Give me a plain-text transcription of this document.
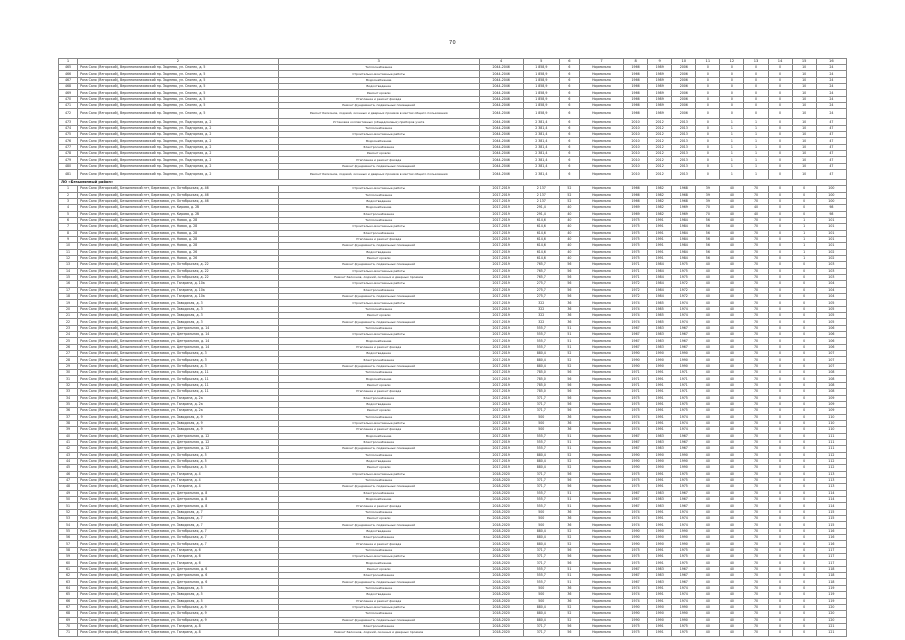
70
1	2	3	4	5	6	7	8	9	10	11	12	13	14	15	16
465	Роза Сало (Ялгорский), Верхнеопалиховский пр. Заднево, ул. Снопек, д. 5	Теплоснабжение	2044-2046	1 858,9	6	Нормально	1966	1989	2006	0	0	0	0	10	24
466	Роза Сало (Ялгорский), Верхнеопалиховский пр. Заднево, ул. Снопек, д. 5	Строительно-монтажные работы	2044-2046	1 858,9	6	Нормально	1966	1989	2006	0	0	0	0	10	24
467	Роза Сало (Ялгорский), Верхнеопалиховский пр. Заднево, ул. Снопек, д. 5	Водоснабжение	2044-2046	1 858,9	6	Нормально	1966	1989	2006	0	0	0	0	10	24
468	Роза Сало (Ялгорский), Верхнеопалиховский пр. Заднево, ул. Снопек, д. 5	Водоотведение	2044-2046	1 858,9	6	Нормально	1966	1989	2006	0	0	0	0	10	24
469	Роза Сало (Ялгорский), Верхнеопалиховский пр. Заднево, ул. Снопек, д. 5	Ремонт кровли	2044-2046	1 858,9	6	Нормально	1966	1989	2006	0	0	0	0	10	24
470	Роза Сало (Ялгорский), Верхнеопалиховский пр. Заднево, ул. Снопек, д. 5	Утепление и ремонт фасада	2044-2046	1 858,9	6	Нормально	1966	1989	2006	0	0	0	0	10	24
471	Роза Сало (Ялгорский), Верхнеопалиховский пр. Заднево, ул. Снопек, д. 5	Ремонт фундамента, подвальных помещений	2044-2046	1 858,9	6	Нормально	1966	1989	2006	0	0	0	0	10	24
472	Роза Сало (Ялгорский), Верхнеопалиховский пр. Заднево, ул. Снопек, д. 5	Ремонт балконов, лоджий, оконных и дверных проемов в местах общего пользования	2044-2046	1 858,9	6	Нормально	1966	1989	2006	0	0	0	0	10	24
473	Роза Сало (Ялгорский), Верхнеопалиховский пр. Заднево, ул. Подгорная, д. 2	Установка коллективных (общедомовых) приборов учета	2044-2046	2 381,4	6	Нормально	2010	2012	2013	0	1	1	0	10	47
474	Роза Сало (Ялгорский), Верхнеопалиховский пр. Заднево, ул. Подгорная, д. 2	Теплоснабжение	2044-2046	2 381,4	6	Нормально	2010	2012	2013	0	1	1	0	10	47
475	Роза Сало (Ялгорский), Верхнеопалиховский пр. Заднево, ул. Подгорная, д. 2	Строительно-монтажные работы	2044-2046	2 381,4	6	Нормально	2010	2012	2013	0	1	1	0	10	47
476	Роза Сало (Ялгорский), Верхнеопалиховский пр. Заднево, ул. Подгорная, д. 2	Водоснабжение	2044-2046	2 381,4	6	Нормально	2010	2012	2013	0	1	1	0	10	47
477	Роза Сало (Ялгорский), Верхнеопалиховский пр. Заднево, ул. Подгорная, д. 2	Электроснабжение	2044-2046	2 381,4	6	Нормально	2010	2012	2013	0	1	1	0	10	47
478	Роза Сало (Ялгорский), Верхнеопалиховский пр. Заднево, ул. Подгорная, д. 2	Ремонт кровли	2044-2046	2 381,4	6	Нормально	2010	2012	2013	0	1	1	0	10	47
479	Роза Сало (Ялгорский), Верхнеопалиховский пр. Заднево, ул. Подгорная, д. 2	Утепление и ремонт фасада	2044-2046	2 381,4	6	Нормально	2010	2012	2013	0	1	1	0	10	47
480	Роза Сало (Ялгорский), Верхнеопалиховский пр. Заднево, ул. Подгорная, д. 2	Ремонт фундамента, подвальных помещений	2044-2046	2 381,4	6	Нормально	2010	2012	2013	0	1	1	0	10	47
481	Роза Сало (Ялгорский), Верхнеопалиховский пр. Заднево, ул. Подгорная, д. 2	Ремонт балконов, лоджий, оконных и дверных проемов в местах общего пользования	2044-2046	2 381,4	6	Нормально	2010	2012	2013	0	1	1	0	10	47
ЛО «Безымянный район»															
1	Роза Сало (Ялгорский), Безымянский пгт, Березовая, ул. Октябрьская, д. 46	Строительно-монтажные работы	2017-2019	2 137	52	Нормально	1966	1982	1968	39	40	70	0	0	100
2	Роза Сало (Ялгорский), Безымянский пгт, Березовая, ул. Октябрьская, д. 46	Теплоснабжение	2017-2019	2 137	52	Нормально	1966	1982	1968	39	40	70	0	0	100
3	Роза Сало (Ялгорский), Безымянский пгт, Березовая, ул. Октябрьская, д. 46	Водоотведение	2017-2019	2 137	52	Нормально	1966	1982	1968	39	40	70	0	0	100
4	Роза Сало (Ялгорский), Безымянский пгт, Березовая, ул. Кирова, д. 2б	Водоснабжение	2017-2019	291,4	40	Нормально	1969	1982	1969	70	40	40	0	0	98
5	Роза Сало (Ялгорский), Безымянский пгт, Березовая, ул. Кирова, д. 2б	Электроснабжение	2017-2019	291,4	40	Нормально	1969	1982	1969	70	40	40	0	0	98
6	Роза Сало (Ялгорский), Безымянский пгт, Березовая, ул. Новая, д. 28	Теплоснабжение	2017-2019	614,6	40	Нормально	1975	1991	1984	56	40	70	0	1	101
7	Роза Сало (Ялгорский), Безымянский пгт, Березовая, ул. Новая, д. 28	Строительно-монтажные работы	2017-2019	614,6	40	Нормально	1975	1991	1984	56	40	70	0	1	101
8	Роза Сало (Ялгорский), Безымянский пгт, Березовая, ул. Новая, д. 28	Электроснабжение	2017-2019	614,6	40	Нормально	1975	1991	1984	56	40	70	0	1	101
9	Роза Сало (Ялгорский), Безымянский пгт, Березовая, ул. Новая, д. 28	Утепление и ремонт фасада	2017-2019	614,6	40	Нормально	1975	1991	1984	56	40	70	0	1	101
10	Роза Сало (Ялгорский), Безымянский пгт, Березовая, ул. Новая, д. 28	Ремонт фундамента, подвальных помещений	2017-2019	614,6	40	Нормально	1975	1991	1984	56	40	70	0	1	101
11	Роза Сало (Ялгорский), Безымянский пгт, Березовая, ул. Новая, д. 26	Водоотведение	2017-2019	614,6	40	Нормально	1975	1991	1984	56	40	70	0	1	102
12	Роза Сало (Ялгорский), Безымянский пгт, Березовая, ул. Новая, д. 26	Ремонт кровли	2017-2019	614,6	40	Нормально	1975	1991	1984	56	40	70	0	1	102
13	Роза Сало (Ялгорский), Безымянский пгт, Березовая, ул. Октябрьская, д. 22	Ремонт фундамента, подвальных помещений	2017-2019	765,7	56	Нормально	1971	1984	1975	40	40	70	0	0	103
14	Роза Сало (Ялгорский), Безымянский пгт, Березовая, ул. Октябрьская, д. 22	Строительно-монтажные работы	2017-2019	765,7	56	Нормально	1971	1984	1975	40	40	70	0	0	103
15	Роза Сало (Ялгорский), Безымянский пгт, Березовая, ул. Октябрьская, д. 22	Ремонт балконов, лоджий, оконных и дверных проемов	2017-2019	765,7	56	Нормально	1971	1984	1975	40	40	70	0	0	103
16	Роза Сало (Ялгорский), Безымянский пгт, Березовая, ул. Гагарина, д. 10а	Строительно-монтажные работы	2017-2019	275,7	56	Нормально	1972	1984	1972	40	40	70	0	0	104
17	Роза Сало (Ялгорский), Безымянский пгт, Березовая, ул. Гагарина, д. 10а	Электроснабжение	2017-2019	275,7	56	Нормально	1972	1984	1972	40	40	70	0	0	104
18	Роза Сало (Ялгорский), Безымянский пгт, Березовая, ул. Гагарина, д. 10а	Ремонт фундамента, подвальных помещений	2017-2019	275,7	56	Нормально	1972	1984	1972	40	40	70	0	0	104
19	Роза Сало (Ялгорский), Безымянский пгт, Березовая, ул. Заводская, д. 3	Строительно-монтажные работы	2017-2019	322	36	Нормально	1974	1985	1974	40	40	70	0	0	105
20	Роза Сало (Ялгорский), Безымянский пгт, Березовая, ул. Заводская, д. 3	Теплоснабжение	2017-2019	322	36	Нормально	1974	1985	1974	40	40	70	0	0	105
21	Роза Сало (Ялгорский), Безымянский пгт, Березовая, ул. Заводская, д. 3	Ремонт кровли	2017-2019	322	36	Нормально	1974	1985	1974	40	40	70	0	0	105
22	Роза Сало (Ялгорский), Безымянский пгт, Березовая, ул. Заводская, д. 3	Ремонт фундамента, подвальных помещений	2017-2019	322	36	Нормально	1974	1985	1974	40	40	70	0	0	105
23	Роза Сало (Ялгорский), Безымянский пгт, Березовая, ул. Центральная, д. 14	Теплоснабжение	2017-2019	555,7	51	Нормально	1967	1983	1967	40	40	70	0	0	106
24	Роза Сало (Ялгорский), Безымянский пгт, Березовая, ул. Центральная, д. 14	Строительно-монтажные работы	2017-2019	555,7	51	Нормально	1967	1983	1967	40	40	70	0	0	106
25	Роза Сало (Ялгорский), Безымянский пгт, Березовая, ул. Центральная, д. 14	Водоснабжение	2017-2019	555,7	51	Нормально	1967	1983	1967	40	40	70	0	0	106
26	Роза Сало (Ялгорский), Безымянский пгт, Березовая, ул. Центральная, д. 14	Утепление и ремонт фасада	2017-2019	555,7	51	Нормально	1967	1983	1967	40	40	70	0	0	106
27	Роза Сало (Ялгорский), Безымянский пгт, Березовая, ул. Октябрьская, д. 3	Водоотведение	2017-2019	880,4	52	Нормально	1990	1990	1990	40	40	70	0	0	107
28	Роза Сало (Ялгорский), Безымянский пгт, Березовая, ул. Октябрьская, д. 3	Электроснабжение	2017-2019	880,4	52	Нормально	1990	1990	1990	40	40	70	0	0	107
29	Роза Сало (Ялгорский), Безымянский пгт, Березовая, ул. Октябрьская, д. 3	Ремонт фундамента, подвальных помещений	2017-2019	880,4	52	Нормально	1990	1990	1990	40	40	70	0	0	107
30	Роза Сало (Ялгорский), Безымянский пгт, Березовая, ул. Октябрьская, д. 11	Теплоснабжение	2017-2019	785,0	56	Нормально	1971	1991	1971	40	40	70	0	0	108
31	Роза Сало (Ялгорский), Безымянский пгт, Березовая, ул. Октябрьская, д. 11	Водоснабжение	2017-2019	785,0	56	Нормально	1971	1991	1971	40	40	70	0	0	108
32	Роза Сало (Ялгорский), Безымянский пгт, Березовая, ул. Октябрьская, д. 11	Ремонт кровли	2017-2019	785,0	56	Нормально	1971	1991	1971	40	40	70	0	0	108
33	Роза Сало (Ялгорский), Безымянский пгт, Березовая, ул. Октябрьская, д. 11	Утепление и ремонт фасада	2017-2019	785,0	56	Нормально	1971	1991	1971	40	40	70	0	0	108
34	Роза Сало (Ялгорский), Безымянский пгт, Березовая, ул. Гагарина, д. 2а	Электроснабжение	2017-2019	371,7	56	Нормально	1975	1991	1975	40	40	70	0	0	109
35	Роза Сало (Ялгорский), Безымянский пгт, Березовая, ул. Гагарина, д. 2а	Водоотведение	2017-2019	371,7	56	Нормально	1975	1991	1975	40	40	70	0	0	109
36	Роза Сало (Ялгорский), Безымянский пгт, Березовая, ул. Гагарина, д. 2а	Ремонт кровли	2017-2019	371,7	56	Нормально	1975	1991	1975	40	40	70	0	0	109
37	Роза Сало (Ялгорский), Безымянский пгт, Березовая, ул. Заводская, д. 9	Теплоснабжение	2017-2019	500	36	Нормально	1974	1991	1974	40	40	70	0	0	110
38	Роза Сало (Ялгорский), Безымянский пгт, Березовая, ул. Заводская, д. 9	Строительно-монтажные работы	2017-2019	500	36	Нормально	1974	1991	1974	40	40	70	0	0	110
39	Роза Сало (Ялгорский), Безымянский пгт, Березовая, ул. Заводская, д. 9	Утепление и ремонт фасада	2017-2019	500	36	Нормально	1974	1991	1974	40	40	70	0	0	110
40	Роза Сало (Ялгорский), Безымянский пгт, Березовая, ул. Центральная, д. 12	Водоснабжение	2017-2019	555,7	51	Нормально	1967	1983	1967	40	40	70	0	0	111
41	Роза Сало (Ялгорский), Безымянский пгт, Березовая, ул. Центральная, д. 12	Электроснабжение	2017-2019	555,7	51	Нормально	1967	1983	1967	40	40	70	0	0	111
42	Роза Сало (Ялгорский), Безымянский пгт, Березовая, ул. Центральная, д. 12	Ремонт фундамента, подвальных помещений	2017-2019	555,7	51	Нормально	1967	1983	1967	40	40	70	0	0	111
43	Роза Сало (Ялгорский), Безымянский пгт, Березовая, ул. Октябрьская, д. 5	Теплоснабжение	2017-2019	880,4	52	Нормально	1990	1990	1990	40	40	70	0	0	112
44	Роза Сало (Ялгорский), Безымянский пгт, Березовая, ул. Октябрьская, д. 5	Водоотведение	2017-2019	880,4	52	Нормально	1990	1990	1990	40	40	70	0	0	112
45	Роза Сало (Ялгорский), Безымянский пгт, Березовая, ул. Октябрьская, д. 5	Ремонт кровли	2017-2019	880,4	52	Нормально	1990	1990	1990	40	40	70	0	0	112
46	Роза Сало (Ялгорский), Безымянский пгт, Березовая, ул. Гагарина, д. 4	Строительно-монтажные работы	2018-2020	371,7	56	Нормально	1975	1991	1975	40	40	70	0	0	113
47	Роза Сало (Ялгорский), Безымянский пгт, Березовая, ул. Гагарина, д. 4	Теплоснабжение	2018-2020	371,7	56	Нормально	1975	1991	1975	40	40	70	0	0	113
48	Роза Сало (Ялгорский), Безымянский пгт, Березовая, ул. Гагарина, д. 4	Ремонт фундамента, подвальных помещений	2018-2020	371,7	56	Нормально	1975	1991	1975	40	40	70	0	0	113
49	Роза Сало (Ялгорский), Безымянский пгт, Березовая, ул. Центральная, д. 8	Электроснабжение	2018-2020	555,7	51	Нормально	1967	1983	1967	40	40	70	0	0	114
50	Роза Сало (Ялгорский), Безымянский пгт, Березовая, ул. Центральная, д. 8	Водоснабжение	2018-2020	555,7	51	Нормально	1967	1983	1967	40	40	70	0	0	114
51	Роза Сало (Ялгорский), Безымянский пгт, Березовая, ул. Центральная, д. 8	Утепление и ремонт фасада	2018-2020	555,7	51	Нормально	1967	1983	1967	40	40	70	0	0	114
52	Роза Сало (Ялгорский), Безымянский пгт, Березовая, ул. Заводская, д. 7	Теплоснабжение	2018-2020	500	36	Нормально	1974	1991	1974	40	40	70	0	0	115
53	Роза Сало (Ялгорский), Безымянский пгт, Березовая, ул. Заводская, д. 7	Ремонт кровли	2018-2020	500	36	Нормально	1974	1991	1974	40	40	70	0	0	115
54	Роза Сало (Ялгорский), Безымянский пгт, Березовая, ул. Заводская, д. 7	Ремонт фундамента, подвальных помещений	2018-2020	500	36	Нормально	1974	1991	1974	40	40	70	0	0	115
55	Роза Сало (Ялгорский), Безымянский пгт, Березовая, ул. Октябрьская, д. 7	Водоотведение	2018-2020	880,4	52	Нормально	1990	1990	1990	40	40	70	0	0	116
56	Роза Сало (Ялгорский), Безымянский пгт, Березовая, ул. Октябрьская, д. 7	Электроснабжение	2018-2020	880,4	52	Нормально	1990	1990	1990	40	40	70	0	0	116
57	Роза Сало (Ялгорский), Безымянский пгт, Березовая, ул. Октябрьская, д. 7	Утепление и ремонт фасада	2018-2020	880,4	52	Нормально	1990	1990	1990	40	40	70	0	0	116
58	Роза Сало (Ялгорский), Безымянский пгт, Березовая, ул. Гагарина, д. 6	Теплоснабжение	2018-2020	371,7	56	Нормально	1975	1991	1975	40	40	70	0	0	117
59	Роза Сало (Ялгорский), Безымянский пгт, Березовая, ул. Гагарина, д. 6	Строительно-монтажные работы	2018-2020	371,7	56	Нормально	1975	1991	1975	40	40	70	0	0	117
60	Роза Сало (Ялгорский), Безымянский пгт, Березовая, ул. Гагарина, д. 6	Водоснабжение	2018-2020	371,7	56	Нормально	1975	1991	1975	40	40	70	0	0	117
61	Роза Сало (Ялгорский), Безымянский пгт, Березовая, ул. Центральная, д. 6	Ремонт кровли	2018-2020	555,7	51	Нормально	1967	1983	1967	40	40	70	0	0	118
62	Роза Сало (Ялгорский), Безымянский пгт, Березовая, ул. Центральная, д. 6	Электроснабжение	2018-2020	555,7	51	Нормально	1967	1983	1967	40	40	70	0	0	118
63	Роза Сало (Ялгорский), Безымянский пгт, Березовая, ул. Центральная, д. 6	Ремонт фундамента, подвальных помещений	2018-2020	555,7	51	Нормально	1967	1983	1967	40	40	70	0	0	118
64	Роза Сало (Ялгорский), Безымянский пгт, Березовая, ул. Заводская, д. 5	Теплоснабжение	2018-2020	500	36	Нормально	1974	1991	1974	40	40	70	0	0	119
65	Роза Сало (Ялгорский), Безымянский пгт, Березовая, ул. Заводская, д. 5	Водоотведение	2018-2020	500	36	Нормально	1974	1991	1974	40	40	70	0	0	119
66	Роза Сало (Ялгорский), Безымянский пгт, Березовая, ул. Заводская, д. 5	Утепление и ремонт фасада	2018-2020	500	36	Нормально	1974	1991	1974	40	40	70	0	0	119
67	Роза Сало (Ялгорский), Безымянский пгт, Березовая, ул. Октябрьская, д. 9	Строительно-монтажные работы	2018-2020	880,4	52	Нормально	1990	1990	1990	40	40	70	0	0	120
68	Роза Сало (Ялгорский), Безымянский пгт, Березовая, ул. Октябрьская, д. 9	Теплоснабжение	2018-2020	880,4	52	Нормально	1990	1990	1990	40	40	70	0	0	120
69	Роза Сало (Ялгорский), Безымянский пгт, Березовая, ул. Октябрьская, д. 9	Ремонт фундамента, подвальных помещений	2018-2020	880,4	52	Нормально	1990	1990	1990	40	40	70	0	0	120
70	Роза Сало (Ялгорский), Безымянский пгт, Березовая, ул. Гагарина, д. 8	Электроснабжение	2018-2020	371,7	56	Нормально	1975	1991	1975	40	40	70	0	0	121
71	Роза Сало (Ялгорский), Безымянский пгт, Березовая, ул. Гагарина, д. 8	Ремонт балконов, лоджий, оконных и дверных проемов	2018-2020	371,7	56	Нормально	1975	1991	1975	40	40	70	0	0	121
